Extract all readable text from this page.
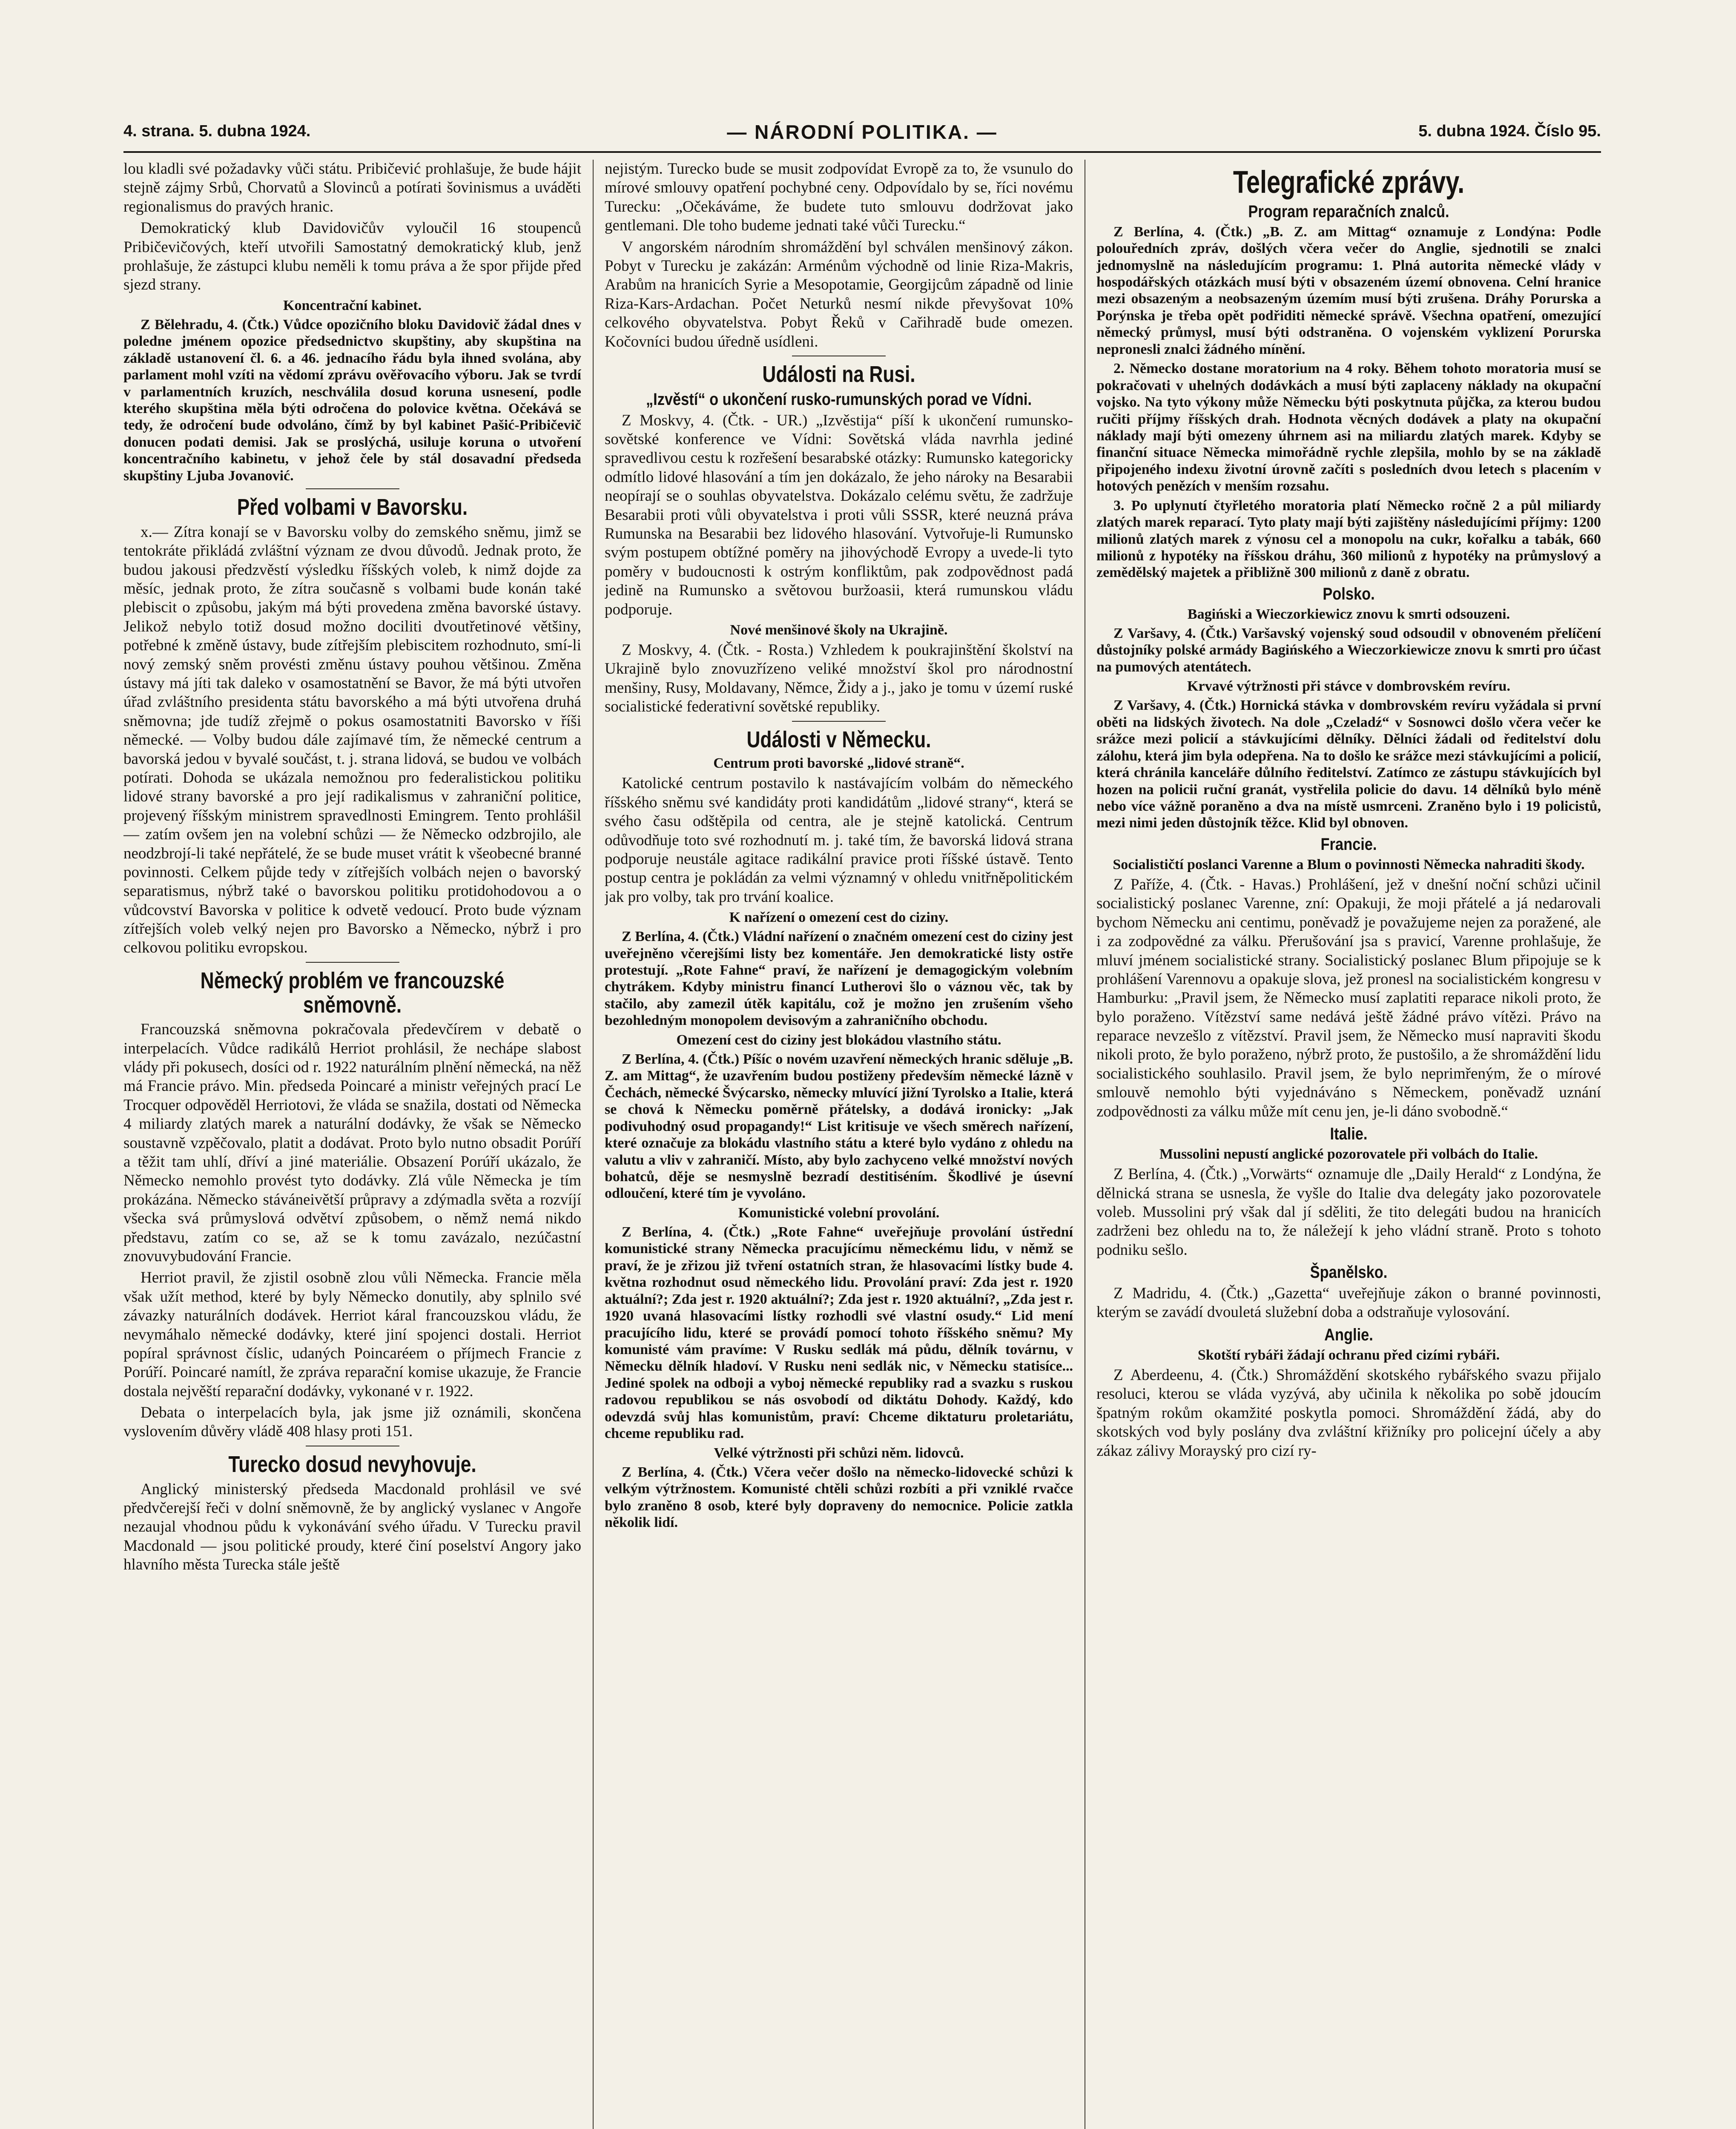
4. strana. 5. dubna 1924.	— NÁRODNÍ POLITIKA. —	5. dubna 1924. Číslo 95.

lou kladli své požadavky vůči státu. Pribičević prohlašuje, že bude hájit stejně zájmy Srbů, Chorvatů a Slovinců a potírati šovinismus a uváděti regionalismus do pravých hranic.

Demokratický klub Davidovičův vyloučil 16 stoupenců Pribičevičových, kteří utvořili Samostatný demokratický klub, jenž prohlašuje, že zástupci klubu neměli k tomu práva a že spor přijde před sjezd strany.

Koncentrační kabinet.

Z Bělehradu, 4. (Čtk.) Vůdce opozičního bloku Davidovič žádal dnes v poledne jménem opozice předsednictvo skupštiny, aby skupština na základě ustanovení čl. 6. a 46. jednacího řádu byla ihned svolána, aby parlament mohl vzíti na vědomí zprávu ověřovacího výboru. Jak se tvrdí v parlamentních kruzích, neschválila dosud koruna usnesení, podle kterého skupština měla býti odročena do polovice května. Očekává se tedy, že odročení bude odvoláno, čímž by byl kabinet Pašić-Pribičevič donucen podati demisi. Jak se proslýchá, usiluje koruna o utvoření koncentračního kabinetu, v jehož čele by stál dosavadní předseda skupštiny Ljuba Jovanović.

Před volbami v Bavorsku.

x.— Zítra konají se v Bavorsku volby do zemského sněmu, jimž se tentokráte přikládá zvláštní význam ze dvou důvodů. Jednak proto, že budou jakousi předzvěstí výsledku říšských voleb, k nimž dojde za měsíc, jednak proto, že zítra současně s volbami bude konán také plebiscit o způsobu, jakým má býti provedena změna bavorské ústavy. Jelikož nebylo totiž dosud možno dociliti dvoutřetinové většiny, potřebné k změně ústavy, bude zítřejším plebiscitem rozhodnuto, smí-li nový zemský sněm provésti změnu ústavy pouhou většinou. Změna ústavy má jíti tak daleko v osamostatnění se Bavor, že má býti utvořen úřad zvláštního presidenta státu bavorského a má býti utvořena druhá sněmovna; jde tudíž zřejmě o pokus osamostatniti Bavorsko v říši německé. — Volby budou dále zajímavé tím, že německé centrum a bavorská jedou v byvalé součást, t. j. strana lidová, se budou ve volbách potírati. Dohoda se ukázala nemožnou pro federalistickou politiku lidové strany bavorské a pro její radikalismus v zahraniční politice, projevený říšským ministrem spravedlnosti Emingrem. Tento prohlášil — zatím ovšem jen na volební schůzi — že Německo odzbrojilo, ale neodzbrojí-li také nepřátelé, že se bude muset vrátit k všeobecné branné povinnosti. Celkem půjde tedy v zítřejších volbách nejen o bavorský separatismus, nýbrž také o bavorskou politiku protidohodovou a o vůdcovství Bavorska v politice k odvetě vedoucí. Proto bude význam zítřejších voleb velký nejen pro Bavorsko a Německo, nýbrž i pro celkovou politiku evropskou.

Německý problém ve francouzské sněmovně.

Francouzská sněmovna pokračovala předevčírem v debatě o interpelacích. Vůdce radikálů Herriot prohlásil, že nechápe slabost vlády při pokusech, dosíci od r. 1922 naturálním plnění německá, na něž má Francie právo. Min. předseda Poincaré a ministr veřejných prací Le Trocquer odpověděl Herriotovi, že vláda se snažila, dostati od Německa 4 miliardy zlatých marek a naturální dodávky, že však se Německo soustavně vzpěčovalo, platit a dodávat. Proto bylo nutno obsadit Porúří a těžit tam uhlí, dříví a jiné materiálie. Obsazení Porúří ukázalo, že Německo nemohlo provést tyto dodávky. Zlá vůle Německa je tím prokázána. Německo stáváneivětší průpravy a zdýmadla světa a rozvíjí všecka svá průmyslová odvětví způsobem, o němž nemá nikdo představu, zatím co se, až se k tomu zavázalo, nezúčastní znovuvybudování Francie.

Herriot pravil, že zjistil osobně zlou vůli Německa. Francie měla však užít method, které by byly Německo donutily, aby splnilo své závazky naturálních dodávek. Herriot káral francouzskou vládu, že nevymáhalo německé dodávky, které jiní spojenci dostali. Herriot popíral správnost číslic, udaných Poincaréem o příjmech Francie z Porúří. Poincaré namítl, že zpráva reparační komise ukazuje, že Francie dostala nejvěští reparační dodávky, vykonané v r. 1922.

Debata o interpelacích byla, jak jsme již oznámili, skončena vyslovením důvěry vládě 408 hlasy proti 151.

Turecko dosud nevyhovuje.

Anglický ministerský předseda Macdonald prohlásil ve své předvčerejší řeči v dolní sněmovně, že by anglický vyslanec v Angoře nezaujal vhodnou půdu k vykonávání svého úřadu. V Turecku pravil Macdonald — jsou politické proudy, které činí poselství Angory jako hlavního města Turecka stále ještě

nejistým. Turecko bude se musit zodpovídat Evropě za to, že vsunulo do mírové smlouvy opatření pochybné ceny. Odpovídalo by se, říci novému Turecku: „Očekáváme, že budete tuto smlouvu dodržovat jako gentlemani. Dle toho budeme jednati také vůči Turecku.“

V angorském národním shromáždění byl schválen menšinový zákon. Pobyt v Turecku je zakázán: Arménům východně od linie Riza-Makris, Arabům na hranicích Syrie a Mesopotamie, Georgijcům západně od linie Riza-Kars-Ardachan. Počet Neturků nesmí nikde převyšovat 10% celkového obyvatelstva. Pobyt Řeků v Cařihradě bude omezen. Kočovníci budou úředně usídleni.

Události na Rusi.
„Izvěstí“ o ukončení rusko-rumunských porad ve Vídni.

Z Moskvy, 4. (Čtk. - UR.) „Izvěstija“ píší k ukončení rumunsko-sovětské konference ve Vídni: Sovětská vláda navrhla jediné spravedlivou cestu k rozřešení besarabské otázky: Rumunsko kategoricky odmítlo lidové hlasování a tím jen dokázalo, že jeho nároky na Besarabii neopírají se o souhlas obyvatelstva. Dokázalo celému světu, že zadržuje Besarabii proti vůli obyvatelstva i proti vůli SSSR, které neuzná práva Rumunska na Besarabii bez lidového hlasování. Vytvořuje-li Rumunsko svým postupem obtížné poměry na jihovýchodě Evropy a uvede-li tyto poměry v budoucnosti k ostrým konfliktům, pak zodpovědnost padá jedině na Rumunsko a světovou buržoasii, která rumunskou vládu podporuje.

Nové menšinové školy na Ukrajině.

Z Moskvy, 4. (Čtk. - Rosta.) Vzhledem k poukrajinštění školství na Ukrajině bylo znovuzřízeno veliké množství škol pro národnostní menšiny, Rusy, Moldavany, Němce, Židy a j., jako je tomu v území ruské socialistické federativní sovětské republiky.

Události v Německu.
Centrum proti bavorské „lidové straně“.

Katolické centrum postavilo k nastávajícím volbám do německého říšského sněmu své kandidáty proti kandidátům „lidové strany“, která se svého času odštěpila od centra, ale je stejně katolická. Centrum odůvodňuje toto své rozhodnutí m. j. také tím, že bavorská lidová strana podporuje neustále agitace radikální pravice proti říšské ústavě. Tento postup centra je pokládán za velmi významný v ohledu vnitřněpolitickém jak pro volby, tak pro trvání koalice.

K nařízení o omezení cest do ciziny.

Z Berlína, 4. (Čtk.) Vládní nařízení o značném omezení cest do ciziny jest uveřejněno včerejšími listy bez komentáře. Jen demokratické listy ostře protestují. „Rote Fahne“ praví, že nařízení je demagogickým volebním chytrákem. Kdyby ministru financí Lutherovi šlo o váznou věc, tak by stačilo, aby zamezil útěk kapitálu, což je možno jen zrušením všeho bezohledným monopolem devisovým a zahraničního obchodu.

Omezení cest do ciziny jest blokádou vlastního státu.

Z Berlína, 4. (Čtk.) Píšíc o novém uzavření německých hranic sděluje „B. Z. am Mittag“, že uzavřením budou postiženy především německé lázně v Čechách, německé Švýcarsko, německy mluvící jižní Tyrolsko a Italie, která se chová k Německu poměrně přátelsky, a dodává ironicky: „Jak podivuhodný osud propagandy!“ List kritisuje ve všech směrech nařízení, které označuje za blokádu vlastního státu a které bylo vydáno z ohledu na valutu a vliv v zahraničí. Místo, aby bylo zachyceno velké množství nových bohatců, děje se nesmyslně bezradí destitiséním. Škodlivé je úsevní odloučení, které tím je vyvoláno.

Komunistické volební provolání.

Z Berlína, 4. (Čtk.) „Rote Fahne“ uveřejňuje provolání ústřední komunistické strany Německa pracujícímu německému lidu, v němž se praví, že je zřizou již tvření ostatních stran, že hlasovacími lístky bude 4. května rozhodnut osud německého lidu. Provolání praví: Zda jest r. 1920 aktuální?; Zda jest r. 1920 aktuální?; Zda jest r. 1920 aktuální?, „Zda jest r. 1920 uvaná hlasovacími lístky rozhodli své vlastní osudy.“ Lid mení pracujícího lidu, které se provádí pomocí tohoto říšského sněmu? My komunisté vám pravíme: V Rusku sedlák má půdu, dělník továrnu, v Německu dělník hladoví. V Rusku neni sedlák nic, v Německu statisíce... Jediné spolek na odboji a vyboj německé republiky rad a svazku s ruskou radovou republikou se nás osvobodí od diktátu Dohody. Každý, kdo odevzdá svůj hlas komunistům, praví: Chceme diktaturu proletariátu, chceme republiku rad.

Velké výtržnosti při schůzi něm. lidovců.

Z Berlína, 4. (Čtk.) Včera večer došlo na německo-lidovecké schůzi k velkým výtržnostem. Komunisté chtěli schůzi rozbíti a při vzniklé rvačce bylo zraněno 8 osob, které byly dopraveny do nemocnice. Policie zatkla několik lidí.

Telegrafické zprávy.
Program reparačních znalců.

Z Berlína, 4. (Čtk.) „B. Z. am Mittag“ oznamuje z Londýna: Podle polouředních zpráv, došlých včera večer do Anglie, sjednotili se znalci jednomyslně na následujícím programu: 1. Plná autorita německé vlády v hospodářských otázkách musí býti v obsazeném území obnovena. Celní hranice mezi obsazeným a neobsazeným územím musí býti zrušena. Dráhy Porurska a Porýnska je třeba opět podřiditi německé správě. Všechna opatření, omezující německý průmysl, musí býti odstraněna. O vojenském vyklizení Porurska nepronesli znalci žádného mínění.

2. Německo dostane moratorium na 4 roky. Během tohoto moratoria musí se pokračovati v uhelných dodávkách a musí býti zaplaceny náklady na okupační vojsko. Na tyto výkony může Německu býti poskytnuta půjčka, za kterou budou ručiti příjmy říšských drah. Hodnota věcných dodávek a platy na okupační náklady mají býti omezeny úhrnem asi na miliardu zlatých marek. Kdyby se finanční situace Německa mimořádně rychle zlepšila, mohlo by se na základě připojeného indexu životní úrovně začíti s posledních dvou letech s placením v hotových penězích v menším rozsahu.

3. Po uplynutí čtyřletého moratoria platí Německo ročně 2 a půl miliardy zlatých marek reparací. Tyto platy mají býti zajištěny následujícími příjmy: 1200 milionů zlatých marek z výnosu cel a monopolu na cukr, kořalku a tabák, 660 milionů z hypotéky na říšskou dráhu, 360 milionů z hypotéky na průmyslový a zemědělský majetek a přibližně 300 milionů z daně z obratu.

Polsko.
Bagiński a Wieczorkiewicz znovu k smrti odsouzeni.

Z Varšavy, 4. (Čtk.) Varšavský vojenský soud odsoudil v obnoveném přelíčení důstojníky polské armády Bagińského a Wieczorkiewicze znovu k smrti pro účast na pumových atentátech.

Krvavé výtržnosti při stávce v dombrovském revíru.

Z Varšavy, 4. (Čtk.) Hornická stávka v dombrovském revíru vyžádala si první oběti na lidských životech. Na dole „Czeladź“ v Sosnowci došlo včera večer ke srážce mezi policií a stávkujícími dělníky. Dělníci žádali od ředitelství dolu zálohu, která jim byla odepřena. Na to došlo ke srážce mezi stávkujícími a policií, která chránila kanceláře důlního ředitelství. Zatímco ze zástupu stávkujících byl hozen na policii ruční granát, vystřelila policie do davu. 14 dělníků bylo méně nebo více vážně poraněno a dva na místě usmrceni. Zraněno bylo i 19 policistů, mezi nimi jeden důstojník těžce. Klid byl obnoven.

Francie.
Socialističtí poslanci Varenne a Blum o povinnosti Německa nahraditi škody.

Z Paříže, 4. (Čtk. - Havas.) Prohlášení, jež v dnešní noční schůzi učinil socialistický poslanec Varenne, zní: Opakuji, že moji přátelé a já nedarovali bychom Německu ani centimu, poněvadž je považujeme nejen za poražené, ale i za zodpovědné za válku. Přerušování jsa s pravicí, Varenne prohlašuje, že mluví jménem socialistické strany. Socialistický poslanec Blum připojuje se k prohlášení Varennovu a opakuje slova, jež pronesl na socialistickém kongresu v Hamburku: „Pravil jsem, že Německo musí zaplatiti reparace nikoli proto, že bylo poraženo. Vítězství same nedává ještě žádné právo vítězi. Právo na reparace nevzešlo z vítězství. Pravil jsem, že Německo musí napraviti škodu nikoli proto, že bylo poraženo, nýbrž proto, že pustošilo, a že shromáždění lidu socialistického souhlasilo. Pravil jsem, že bylo neprimřeným, že o mírové smlouvě nemohlo býti vyjednáváno s Německem, poněvadž uznání zodpovědnosti za válku může mít cenu jen, je-li dáno svobodně.“

Italie.
Mussolini nepustí anglické pozorovatele při volbách do Italie.

Z Berlína, 4. (Čtk.) „Vorwärts“ oznamuje dle „Daily Herald“ z Londýna, že dělnická strana se usnesla, že vyšle do Italie dva delegáty jako pozorovatele voleb. Mussolini prý však dal jí sděliti, že tito delegáti budou na hranicích zadrženi bez ohledu na to, že náležejí k jeho vládní straně. Proto s tohoto podniku sešlo.

Španělsko.

Z Madridu, 4. (Čtk.) „Gazetta“ uveřejňuje zákon o branné povinnosti, kterým se zavádí dvouletá služební doba a odstraňuje vylosování.

Anglie.
Skotští rybáři žádají ochranu před cizími rybáři.

Z Aberdeenu, 4. (Čtk.) Shromáždění skotského rybářského svazu přijalo resoluci, kterou se vláda vyzývá, aby učinila k několika po sobě jdoucím špatným rokům okamžité poskytla pomoci. Shromáždění žádá, aby do skotských vod byly poslány dva zvláštní křižníky pro policejní účely a aby zákaz zálivy Morayský pro cizí ry-
